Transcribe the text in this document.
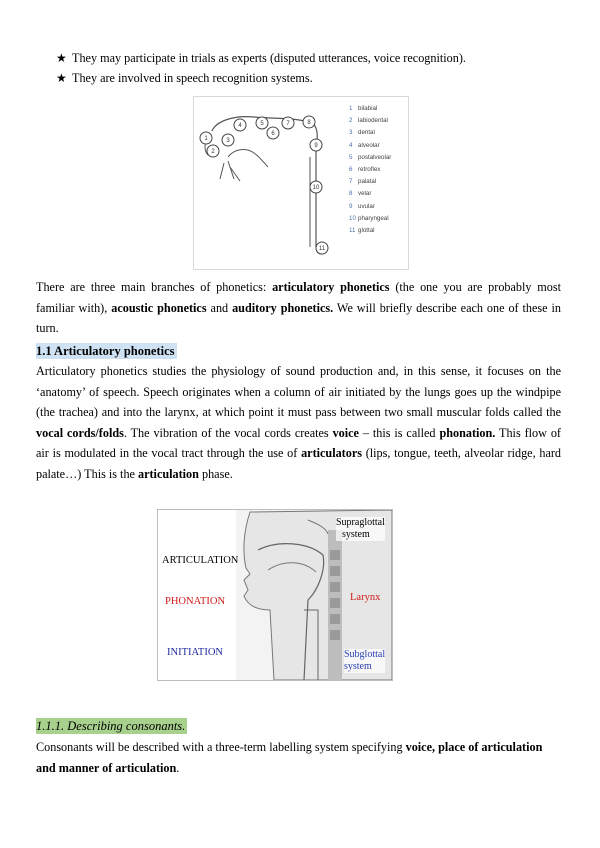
★ They may participate in trials as experts (disputed utterances, voice recognition).
★ They are involved in speech recognition systems.
1
2
3
4	5
6
7	8
9
10
11
1 bilabial
2 labiodental
3 dental
4 alveolar
5 postalveolar
6 retroflex
7 palatal
8 velar
9 uvular
10 pharyngeal
11 glottal
There are three main branches of phonetics: articulatory phonetics (the one you are probably most familiar with), acoustic phonetics and auditory phonetics. We will briefly describe each one of these in turn.
1.1 Articulatory phonetics
Articulatory phonetics studies the physiology of sound production and, in this sense, it focuses on the ‘anatomy’ of speech. Speech originates when a column of air initiated by the lungs goes up the windpipe (the trachea) and into the larynx, at which point it must pass between two small muscular folds called the vocal cords/folds. The vibration of the vocal cords creates voice – this is called phonation. This flow of air is modulated in the vocal tract through the use of articulators (lips, tongue, teeth, alveolar ridge, hard palate…) This is the articulation phase.
ARTICULATION
PHONATION
INITIATION
Supraglottal
system
Larynx
Subglottal
system
1.1.1. Describing consonants.
Consonants will be described with a three-term labelling system specifying voice, place of articulation and manner of articulation.
